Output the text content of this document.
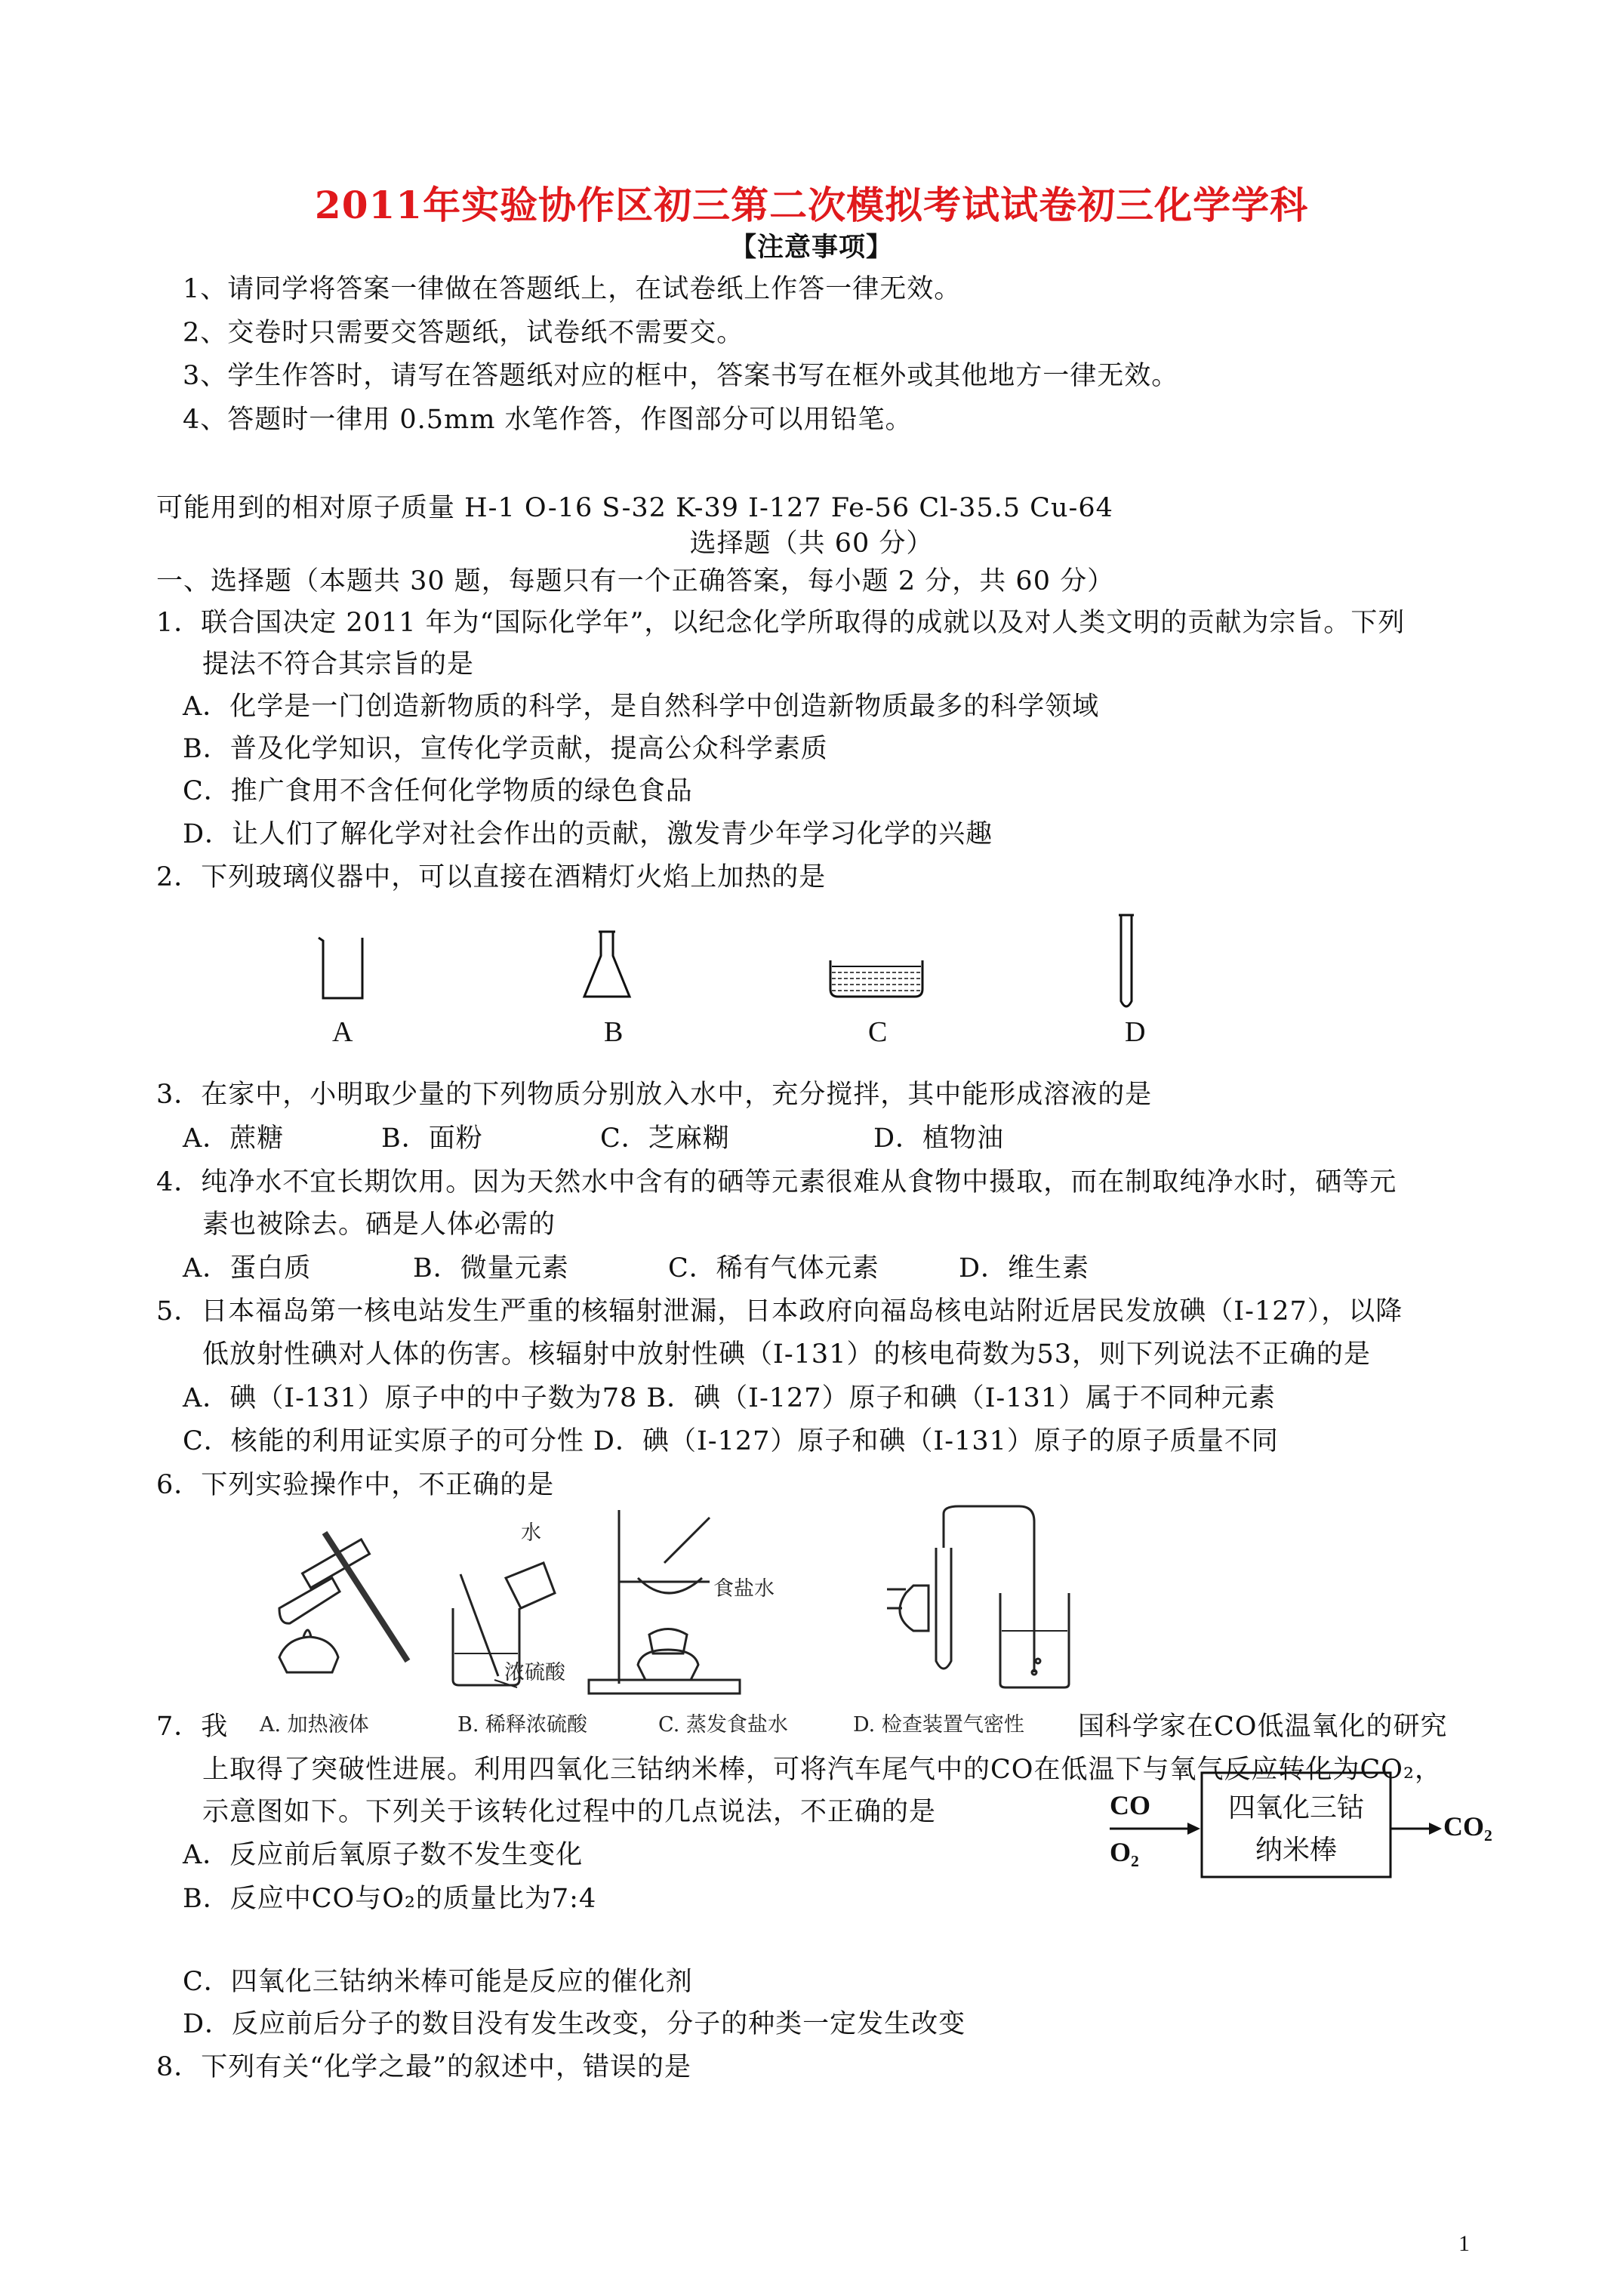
2011年实验协作区初三第二次模拟考试试卷初三化学学科
【注意事项】
1、请同学将答案一律做在答题纸上，在试卷纸上作答一律无效。
2、交卷时只需要交答题纸，试卷纸不需要交。
3、学生作答时，请写在答题纸对应的框中，答案书写在框外或其他地方一律无效。
4、答题时一律用 0.5mm 水笔作答，作图部分可以用铅笔。
可能用到的相对原子质量 H-1 O-16 S-32 K-39 I-127 Fe-56 Cl-35.5 Cu-64
选择题（共 60 分）
一、选择题（本题共 30 题，每题只有一个正确答案，每小题 2 分，共 60 分）
1．联合国决定 2011 年为“国际化学年”，以纪念化学所取得的成就以及对人类文明的贡献为宗旨。下列
提法不符合其宗旨的是
A．化学是一门创造新物质的科学，是自然科学中创造新物质最多的科学领域
B．普及化学知识，宣传化学贡献，提高公众科学素质
C．推广食用不含任何化学物质的绿色食品
D．让人们了解化学对社会作出的贡献，激发青少年学习化学的兴趣
2．下列玻璃仪器中，可以直接在酒精灯火焰上加热的是
A	B	C	D
3．在家中，小明取少量的下列物质分别放入水中，充分搅拌，其中能形成溶液的是
A．蔗糖	B．面粉	C．芝麻糊	D．植物油
4．纯净水不宜长期饮用。因为天然水中含有的硒等元素很难从食物中摄取，而在制取纯净水时，硒等元
素也被除去。硒是人体必需的
A．蛋白质	B．微量元素	C．稀有气体元素	D．维生素
5．日本福岛第一核电站发生严重的核辐射泄漏，日本政府向福岛核电站附近居民发放碘（I-127），以降
低放射性碘对人体的伤害。核辐射中放射性碘（I-131）的核电荷数为53，则下列说法不正确的是
A．碘（I-131）原子中的中子数为78 B．碘（I-127）原子和碘（I-131）属于不同种元素
C．核能的利用证实原子的可分性 D．碘（I-127）原子和碘（I-131）原子的原子质量不同
6．下列实验操作中，不正确的是
水
浓硫酸
食盐水
A. 加热液体	B. 稀释浓硫酸	C. 蒸发食盐水	D. 检查装置气密性
7．我	国科学家在CO低温氧化的研究
上取得了突破性进展。利用四氧化三钴纳米棒，可将汽车尾气中的CO在低温下与氧气反应转化为CO₂，
示意图如下。下列关于该转化过程中的几点说法，不正确的是
A．反应前后氧原子数不发生变化
B．反应中CO与O₂的质量比为7:4
C．四氧化三钴纳米棒可能是反应的催化剂
D．反应前后分子的数目没有发生改变，分子的种类一定发生改变
CO
O₂
四氧化三钴
纳米棒
CO₂
8．下列有关“化学之最”的叙述中，错误的是
1
